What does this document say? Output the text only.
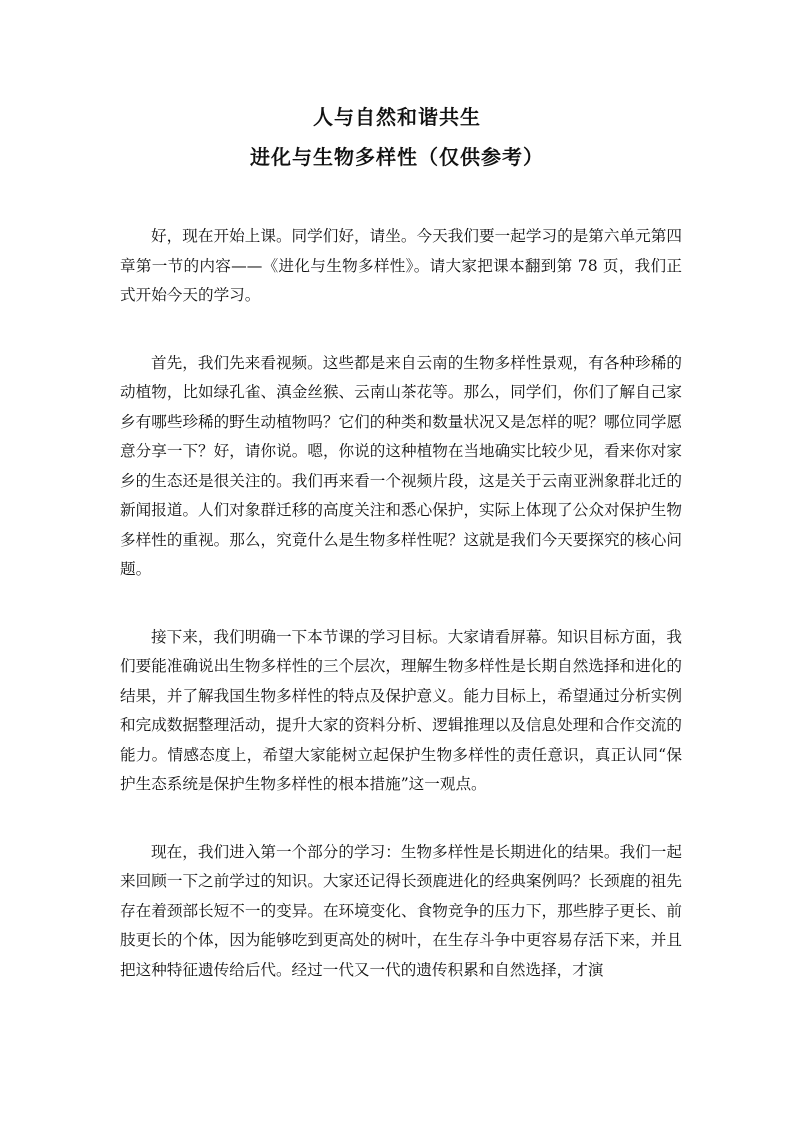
人与自然和谐共生
进化与生物多样性（仅供参考）

好，现在开始上课。同学们好，请坐。今天我们要一起学习的是第六单元第四章第一节的内容——《进化与生物多样性》。请大家把课本翻到第 78 页，我们正式开始今天的学习。

首先，我们先来看视频。这些都是来自云南的生物多样性景观，有各种珍稀的动植物，比如绿孔雀、滇金丝猴、云南山茶花等。那么，同学们，你们了解自己家乡有哪些珍稀的野生动植物吗？它们的种类和数量状况又是怎样的呢？哪位同学愿意分享一下？好，请你说。嗯，你说的这种植物在当地确实比较少见，看来你对家乡的生态还是很关注的。我们再来看一个视频片段，这是关于云南亚洲象群北迁的新闻报道。人们对象群迁移的高度关注和悉心保护，实际上体现了公众对保护生物多样性的重视。那么，究竟什么是生物多样性呢？这就是我们今天要探究的核心问题。

接下来，我们明确一下本节课的学习目标。大家请看屏幕。知识目标方面，我们要能准确说出生物多样性的三个层次，理解生物多样性是长期自然选择和进化的结果，并了解我国生物多样性的特点及保护意义。能力目标上，希望通过分析实例和完成数据整理活动，提升大家的资料分析、逻辑推理以及信息处理和合作交流的能力。情感态度上，希望大家能树立起保护生物多样性的责任意识，真正认同“保护生态系统是保护生物多样性的根本措施”这一观点。

现在，我们进入第一个部分的学习：生物多样性是长期进化的结果。我们一起来回顾一下之前学过的知识。大家还记得长颈鹿进化的经典案例吗？长颈鹿的祖先存在着颈部长短不一的变异。在环境变化、食物竞争的压力下，那些脖子更长、前肢更长的个体，因为能够吃到更高处的树叶，在生存斗争中更容易存活下来，并且把这种特征遗传给后代。经过一代又一代的遗传积累和自然选择，才演
